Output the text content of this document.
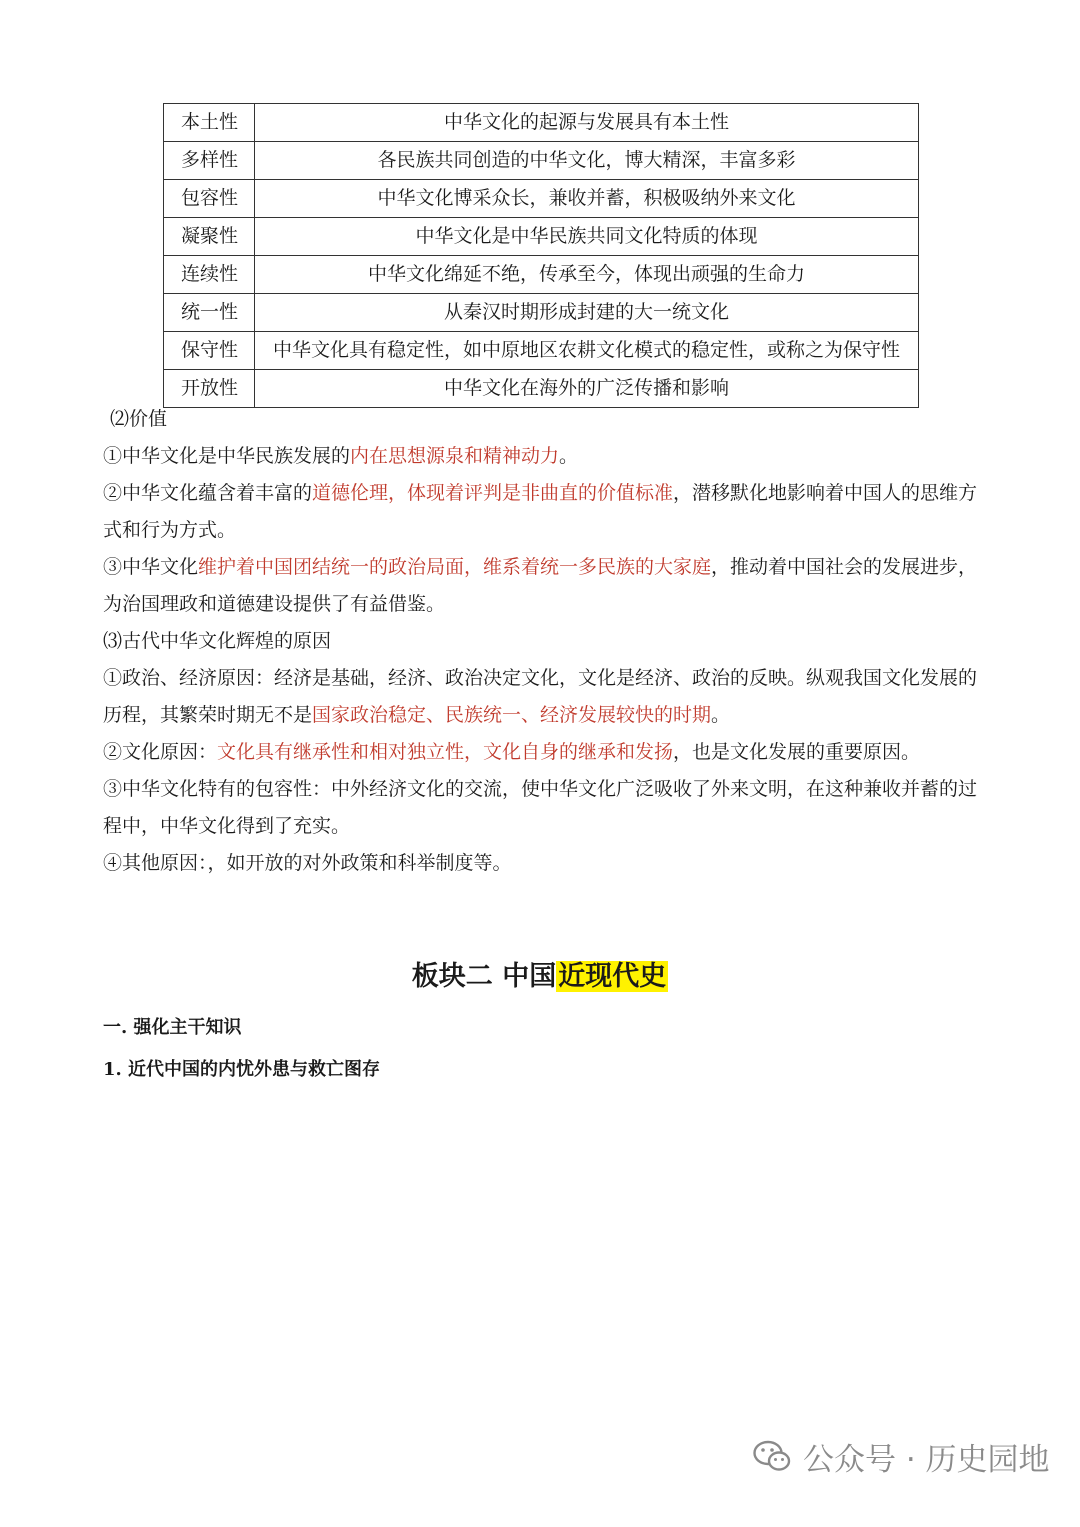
本土性	中华文化的起源与发展具有本土性
多样性	各民族共同创造的中华文化，博大精深，丰富多彩
包容性	中华文化博采众长，兼收并蓄，积极吸纳外来文化
凝聚性	中华文化是中华民族共同文化特质的体现
连续性	中华文化绵延不绝，传承至今，体现出顽强的生命力
统一性	从秦汉时期形成封建的大一统文化
保守性	中华文化具有稳定性，如中原地区农耕文化模式的稳定性，或称之为保守性
开放性	中华文化在海外的广泛传播和影响
⑵价值
①中华文化是中华民族发展的内在思想源泉和精神动力。
②中华文化蕴含着丰富的道德伦理，体现着评判是非曲直的价值标准，潜移默化地影响着中国人的思维方式和行为方式。
③中华文化维护着中国团结统一的政治局面，维系着统一多民族的大家庭，推动着中国社会的发展进步，为治国理政和道德建设提供了有益借鉴。
⑶古代中华文化辉煌的原因
①政治、经济原因：经济是基础，经济、政治决定文化，文化是经济、政治的反映。纵观我国文化发展的历程，其繁荣时期无不是国家政治稳定、民族统一、经济发展较快的时期。
②文化原因：文化具有继承性和相对独立性，文化自身的继承和发扬，也是文化发展的重要原因。
③中华文化特有的包容性：中外经济文化的交流，使中华文化广泛吸收了外来文明，在这种兼收并蓄的过程中，中华文化得到了充实。
④其他原因：，如开放的对外政策和科举制度等。
板块二 中国近现代史
一. 强化主干知识
1. 近代中国的内忧外患与救亡图存
公众号 · 历史园地
